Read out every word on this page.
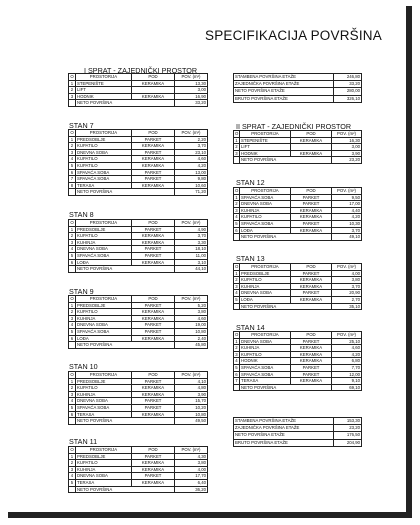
SPECIFIKACIJA POVRŠINA
I SPRAT - ZAJEDNIČKI PROSTOR
O	PROSTORIJA	POD	POV. (m²)
1	STEPENIŠTE	KERAMIKA	13,30
2	LIFT		3,00
3	HODNIK	KERAMIKA	16,90
	NETO POVRŠINA		33,20
STAMBENA POVRŠINA ETAŽE	246,80
ZAJEDNIČKA POVRŠINA ETAŽE	33,20
NETO POVRŠINA ETAŽE	280,00
BRUTO POVRŠINA ETAŽE	326,10
II SPRAT - ZAJEDNIČKI PROSTOR
O	PROSTORIJA	POD	POV. (m²)
1	STEPENIŠTE	KERAMIKA	16,30
2	LIFT		3,00
3	HODNIK	KERAMIKA	3,90
	NETO POVRŠINA		23,20
STAN 7
O	PROSTORIJA	POD	POV. (m²)
1	PREDSOBLJE	PARKET	2,20
2	KUPATILO	KERAMIKA	3,70
3	DNEVNA SOBA	PARKET	23,10
4	KUPATILO	KERAMIKA	4,60
5	KUPATILO	KERAMIKA	4,20
6	SPAVAĆA SOBA	PARKET	13,00
7	SPAVAĆA SOBA	PARKET	9,80
8	TERASA	KERAMIKA	10,60
	NETO POVRŠINA		71,20
STAN 8
O	PROSTORIJA	POD	POV. (m²)
1	PREDSOBLJE	PARKET	4,90
2	KUPATILO	KERAMIKA	3,70
3	KUHINJA	KERAMIKA	3,30
4	DNEVNA SOBA	PARKET	18,10
5	SPAVAĆA SOBA	PARKET	11,00
6	LOĐA	KERAMIKA	3,10
	NETO POVRŠINA		44,10
STAN 9
O	PROSTORIJA	POD	POV. (m²)
1	PREDSOBLJE	PARKET	5,20
2	KUPATILO	KERAMIKA	3,80
3	KUHINJA	KERAMIKA	4,60
4	DNEVNA SOBA	PARKET	19,00
5	SPAVAĆA SOBA	PARKET	10,80
6	LOĐA	KERAMIKA	2,40
	NETO POVRŠINA		45,80
STAN 10
O	PROSTORIJA	POD	POV. (m²)
1	PREDSOBLJE	PARKET	4,10
2	KUPATILO	KERAMIKA	4,80
3	KUHINJA	KERAMIKA	3,90
4	DNEVNA SOBA	PARKET	15,70
5	SPAVAĆA SOBA	PARKET	10,20
6	TERASA	KERAMIKA	10,80
	NETO POVRŠINA		49,50
STAN 11
O	PROSTORIJA	POD	POV. (m²)
1	PREDSOBLJE	PARKET	4,30
2	KUPATILO	KERAMIKA	3,80
3	KUHINJA	KERAMIKA	4,00
4	DNEVNA SOBA	PARKET	17,70
5	TERASA	KERAMIKA	6,40
	NETO POVRŠINA		36,20
STAN 12
O	PROSTORIJA	POD	POV. (m²)
1	SPAVAĆA SOBA	PARKET	9,50
2	DNEVNA SOBA	PARKET	17,00
3	KUHINJA	KERAMIKA	4,40
4	KUPATILO	KERAMIKA	4,20
5	SPAVAĆA SOBA	PARKET	10,30
6	LOĐA	KERAMIKA	3,70
	NETO POVRŠINA		49,10
STAN 13
O	PROSTORIJA	POD	POV. (m²)
1	PREDSOBLJE	PARKET	4,00
2	KUPATILO	KERAMIKA	3,80
3	KUHINJA	KERAMIKA	3,70
4	DNEVNA SOBA	PARKET	20,90
5	LOĐA	KERAMIKA	2,70
	NETO POVRŠINA		35,10
STAN 14
O	PROSTORIJA	POD	POV. (m²)
1	DNEVNA SOBA	PARKET	25,10
2	KUHINJA	KERAMIKA	4,60
3	KUPATILO	KERAMIKA	4,20
4	HODNIK	KERAMIKA	6,80
5	SPAVAĆA SOBA	PARKET	7,70
6	SPAVAĆA SOBA	PARKET	12,00
7	TERASA	KERAMIKA	9,10
	NETO POVRŠINA		69,10
STAMBENA POVRŠINA ETAŽE	153,30
ZAJEDNIČKA POVRŠINA ETAŽE	23,20
NETO POVRŠINA ETAŽE	176,50
BRUTO POVRŠINA ETAŽE	204,90
